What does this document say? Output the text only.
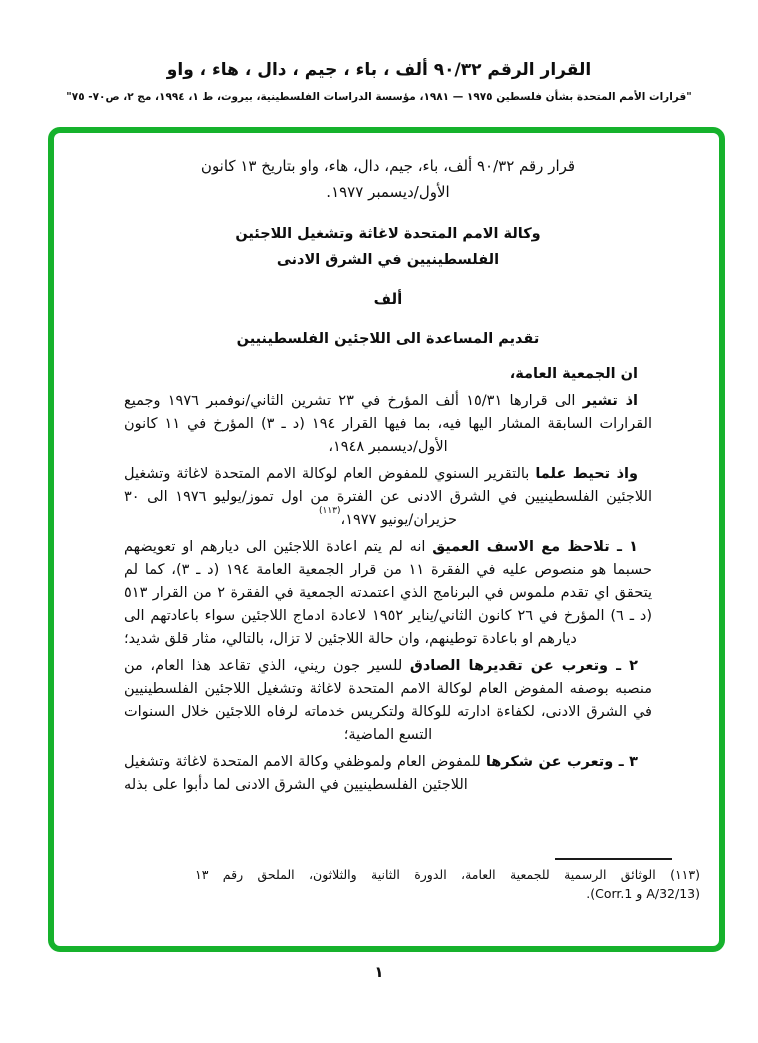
القرار الرقم ٩٠/٣٢ ألف ، باء ، جيم ، دال ، هاء ، واو
"قرارات الأمم المتحدة بشأن فلسطين ١٩٧٥ — ١٩٨١، مؤسسة الدراسات الفلسطينية، بيروت، ط ١، ١٩٩٤، مج ٢، ص٧٠- ٧٥"
قرار رقم ٩٠/٣٢ ألف، باء، جيم، دال، هاء، واو بتاريخ ١٣ كانون
الأول/ديسمبر ١٩٧٧.
وكالة الامم المتحدة لاغاثة وتشغيل اللاجئين
الفلسطينيين في الشرق الادنى
ألف
تقديم المساعدة الى اللاجئين الفلسطينيين
ان الجمعية العامة،

اذ تشير الى قرارها ١٥/٣١ ألف المؤرخ في ٢٣ تشرين الثاني/نوفمبر ١٩٧٦ وجميع القرارات السابقة المشار اليها فيه، بما فيها القرار ١٩٤ (د ـ ٣) المؤرخ في ١١ كانون الأول/ديسمبر ١٩٤٨،

واذ تحيط علما بالتقرير السنوي للمفوض العام لوكالة الامم المتحدة لاغاثة وتشغيل اللاجئين الفلسطينيين في الشرق الادنى عن الفترة من اول تموز/يوليو ١٩٧٦ الى ٣٠ حزيران/يونيو ١٩٧٧،$^{(١١٣)}$

١ ـ تلاحظ مع الاسف العميق انه لم يتم اعادة اللاجئين الى ديارهم او تعويضهم حسبما هو منصوص عليه في الفقرة ١١ من قرار الجمعية العامة ١٩٤ (د ـ ٣)، كما لم يتحقق اي تقدم ملموس في البرنامج الذي اعتمدته الجمعية في الفقرة ٢ من القرار ٥١٣ (د ـ ٦) المؤرخ في ٢٦ كانون الثاني/يناير ١٩٥٢ لاعادة ادماج اللاجئين سواء باعادتهم الى ديارهم او باعادة توطينهم، وان حالة اللاجئين لا تزال، بالتالي، مثار قلق شديد؛

٢ ـ وتعرب عن تقديرها الصادق للسير جون ريني، الذي تقاعد هذا العام، من منصبه بوصفه المفوض العام لوكالة الامم المتحدة لاغاثة وتشغيل اللاجئين الفلسطينيين في الشرق الادنى، لكفاءة ادارته للوكالة ولتكريس خدماته لرفاه اللاجئين خلال السنوات التسع الماضية؛

٣ ـ وتعرب عن شكرها للمفوض العام ولموظفي وكالة الامم المتحدة لاغاثة وتشغيل اللاجئين الفلسطينيين في الشرق الادنى لما دأبوا على بذله

(١١٣) الوثائق الرسمية للجمعية العامة، الدورة الثانية والثلاثون، الملحق رقم ١٣
(A/32/13 و Corr.1).
١
